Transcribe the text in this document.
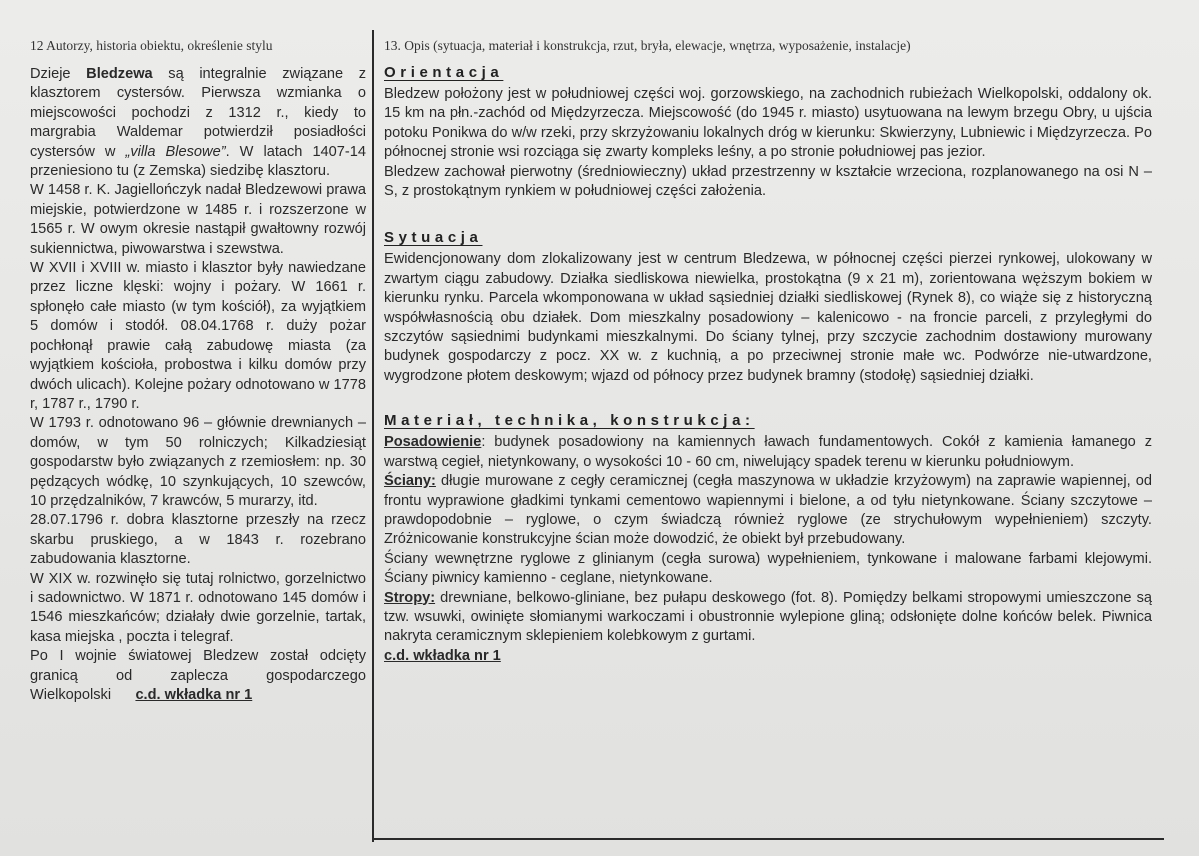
12 Autorzy, historia obiektu, określenie stylu

Dzieje Bledzewa są integralnie związane z klasztorem cystersów. Pierwsza wzmianka o miejscowości pochodzi z 1312 r., kiedy to margrabia Waldemar potwierdził posiadłości cystersów w „villa Blesowe”. W latach 1407-14 przeniesiono tu (z Zemska) siedzibę klasztoru.

W 1458 r. K. Jagiellończyk nadał Bledzewowi prawa miejskie, potwierdzone w 1485 r. i rozszerzone w 1565 r. W owym okresie nastąpił gwałtowny rozwój sukiennictwa, piwowarstwa i szewstwa.

W XVII i XVIII w. miasto i klasztor były nawiedzane przez liczne klęski: wojny i pożary. W 1661 r. spłonęło całe miasto (w tym kościół), za wyjątkiem 5 domów i stodół. 08.04.1768 r. duży pożar pochłonął prawie całą zabudowę miasta (za wyjątkiem kościoła, probostwa i kilku domów przy dwóch ulicach). Kolejne pożary odnotowano w 1778 r, 1787 r., 1790 r.

W 1793 r. odnotowano 96 – głównie drewnianych – domów, w tym 50 rolniczych; Kilkadziesiąt gospodarstw było związanych z rzemiosłem: np. 30 pędzących wódkę, 10 szynkujących, 10 szewców, 10 przędzalników, 7 krawców, 5 murarzy, itd.

28.07.1796 r. dobra klasztorne przeszły na rzecz skarbu pruskiego, a w 1843 r. rozebrano zabudowania klasztorne.

W XIX w. rozwinęło się tutaj rolnictwo, gorzelnictwo i sadownictwo. W 1871 r. odnotowano 145 domów i 1546 mieszkańców; działały dwie gorzelnie, tartak, kasa miejska , poczta i telegraf.

Po I wojnie światowej Bledzew został odcięty granicą od zaplecza gospodarczego Wielkopolski c.d. wkładka nr 1

13. Opis (sytuacja, materiał i konstrukcja, rzut, bryła, elewacje, wnętrza, wyposażenie, instalacje)
Orientacja

Bledzew położony jest w południowej części woj. gorzowskiego, na zachodnich rubieżach Wielkopolski, oddalony ok. 15 km na płn.-zachód od Międzyrzecza. Miejscowość (do 1945 r. miasto) usytuowana na lewym brzegu Obry, u ujścia potoku Ponikwa do w/w rzeki, przy skrzyżowaniu lokalnych dróg w kierunku: Skwierzyny, Lubniewic i Międzyrzecza. Po północnej stronie wsi rozciąga się zwarty kompleks leśny, a po stronie południowej pas jezior.

Bledzew zachował pierwotny (średniowieczny) układ przestrzenny w kształcie wrzeciona, rozplanowanego na osi N – S, z prostokątnym rynkiem w południowej części założenia.

Sytuacja

Ewidencjonowany dom zlokalizowany jest w centrum Bledzewa, w północnej części pierzei rynkowej, ulokowany w zwartym ciągu zabudowy. Działka siedliskowa niewielka, prostokątna (9 x 21 m), zorientowana węższym bokiem w kierunku rynku. Parcela wkomponowana w układ sąsiedniej działki siedliskowej (Rynek 8), co wiąże się z historyczną współwłasnością obu działek. Dom mieszkalny posadowiony – kalenicowo - na froncie parceli, z przyległymi do szczytów sąsiednimi budynkami mieszkalnymi. Do ściany tylnej, przy szczycie zachodnim dostawiony murowany budynek gospodarczy z pocz. XX w. z kuchnią, a po przeciwnej stronie małe wc. Podwórze nie-utwardzone, wygrodzone płotem deskowym; wjazd od północy przez budynek bramny (stodołę) sąsiedniej działki.

Materiał, technika, konstrukcja:

Posadowienie: budynek posadowiony na kamiennych ławach fundamentowych. Cokół z kamienia łamanego z warstwą cegieł, nietynkowany, o wysokości 10 - 60 cm, niwelujący spadek terenu w kierunku południowym.

Ściany: długie murowane z cegły ceramicznej (cegła maszynowa w układzie krzyżowym) na zaprawie wapiennej, od frontu wyprawione gładkimi tynkami cementowo wapiennymi i bielone, a od tyłu nietynkowane. Ściany szczytowe – prawdopodobnie – ryglowe, o czym świadczą również ryglowe (ze strychułowym wypełnieniem) szczyty. Zróżnicowanie konstrukcyjne ścian może dowodzić, że obiekt był przebudowany.

Ściany wewnętrzne ryglowe z glinianym (cegła surowa) wypełnieniem, tynkowane i malowane farbami klejowymi. Ściany piwnicy kamienno - ceglane, nietynkowane.

Stropy: drewniane, belkowo-gliniane, bez pułapu deskowego (fot. 8). Pomiędzy belkami stropowymi umieszczone są tzw. wsuwki, owinięte słomianymi warkoczami i obustronnie wylepione gliną; odsłonięte dolne końców belek. Piwnica nakryta ceramicznym sklepieniem kolebkowym z gurtami.

c.d. wkładka nr 1
